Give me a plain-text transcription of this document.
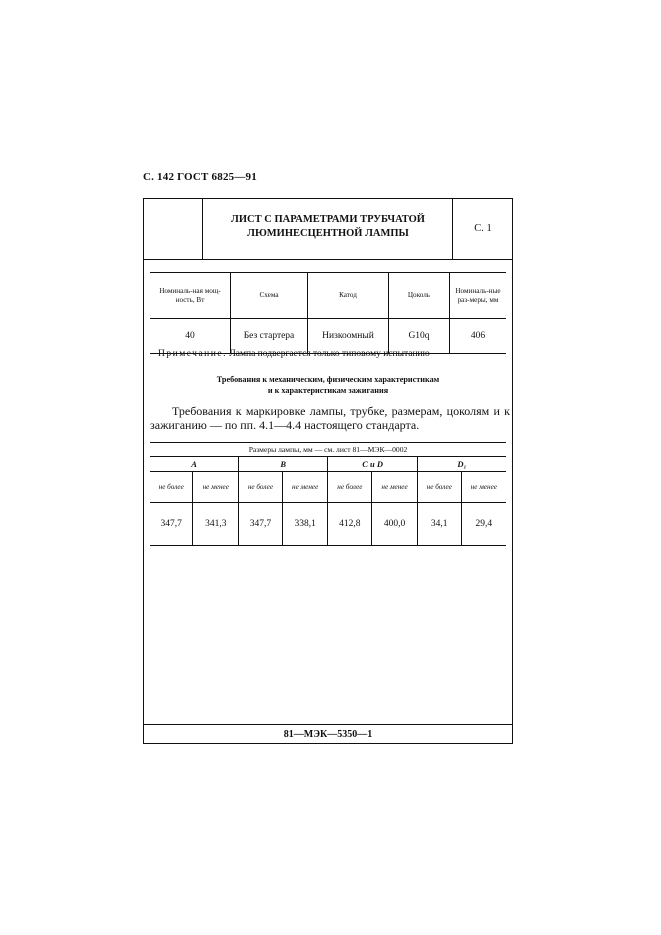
С. 142 ГОСТ 6825—91
ЛИСТ С ПАРАМЕТРАМИ ТРУБЧАТОЙ
ЛЮМИНЕСЦЕНТНОЙ ЛАМПЫ	С. 1
Номиналь-ная мощ-ность, Вт	Схема	Катод	Цоколь	Номиналь-ные раз-меры, мм
40	Без стартера	Низкоомный	G10q	406
Примечание. Лампа подвергается только типовому испытанию
Требования к механическим, физическим характеристикам
и к характеристикам зажигания
Требования к маркировке лампы, трубке, размерам, цоколям и к зажиганию — по пп. 4.1—4.4 настоящего стандарта.
Размеры лампы, мм — см. лист 81—МЭК—0002							
A		B		C и D		D₁	
не более	не менее	не более	не менее	не более	не менее	не более	не менее
347,7	341,3	347,7	338,1	412,8	400,0	34,1	29,4
81—МЭК—5350—1
